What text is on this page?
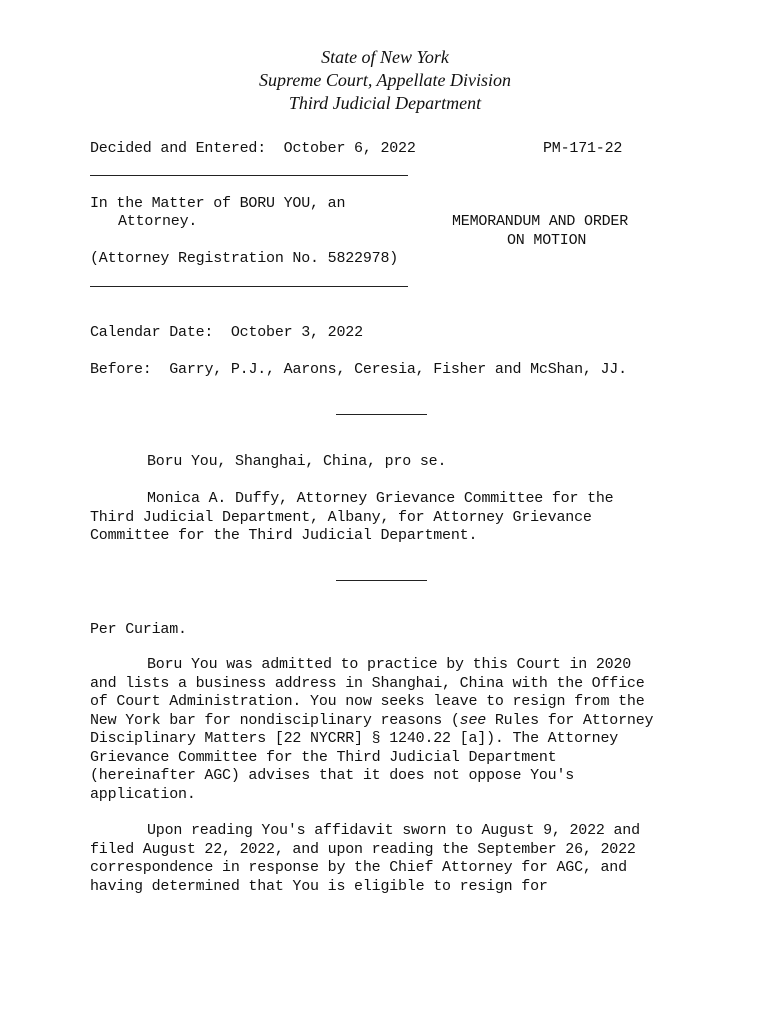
State of New York
Supreme Court, Appellate Division
Third Judicial Department
Decided and Entered: October 6, 2022	PM-171-22
In the Matter of BORU YOU, an
Attorney.	MEMORANDUM AND ORDER
ON MOTION
(Attorney Registration No. 5822978)
Calendar Date: October 3, 2022
Before: Garry, P.J., Aarons, Ceresia, Fisher and McShan, JJ.
Boru You, Shanghai, China, pro se.
Monica A. Duffy, Attorney Grievance Committee for the
Third Judicial Department, Albany, for Attorney Grievance
Committee for the Third Judicial Department.
Per Curiam.
Boru You was admitted to practice by this Court in 2020
and lists a business address in Shanghai, China with the Office
of Court Administration. You now seeks leave to resign from the
New York bar for nondisciplinary reasons (see Rules for Attorney
Disciplinary Matters [22 NYCRR] § 1240.22 [a]). The Attorney
Grievance Committee for the Third Judicial Department
(hereinafter AGC) advises that it does not oppose You's
application.
Upon reading You's affidavit sworn to August 9, 2022 and
filed August 22, 2022, and upon reading the September 26, 2022
correspondence in response by the Chief Attorney for AGC, and
having determined that You is eligible to resign for
